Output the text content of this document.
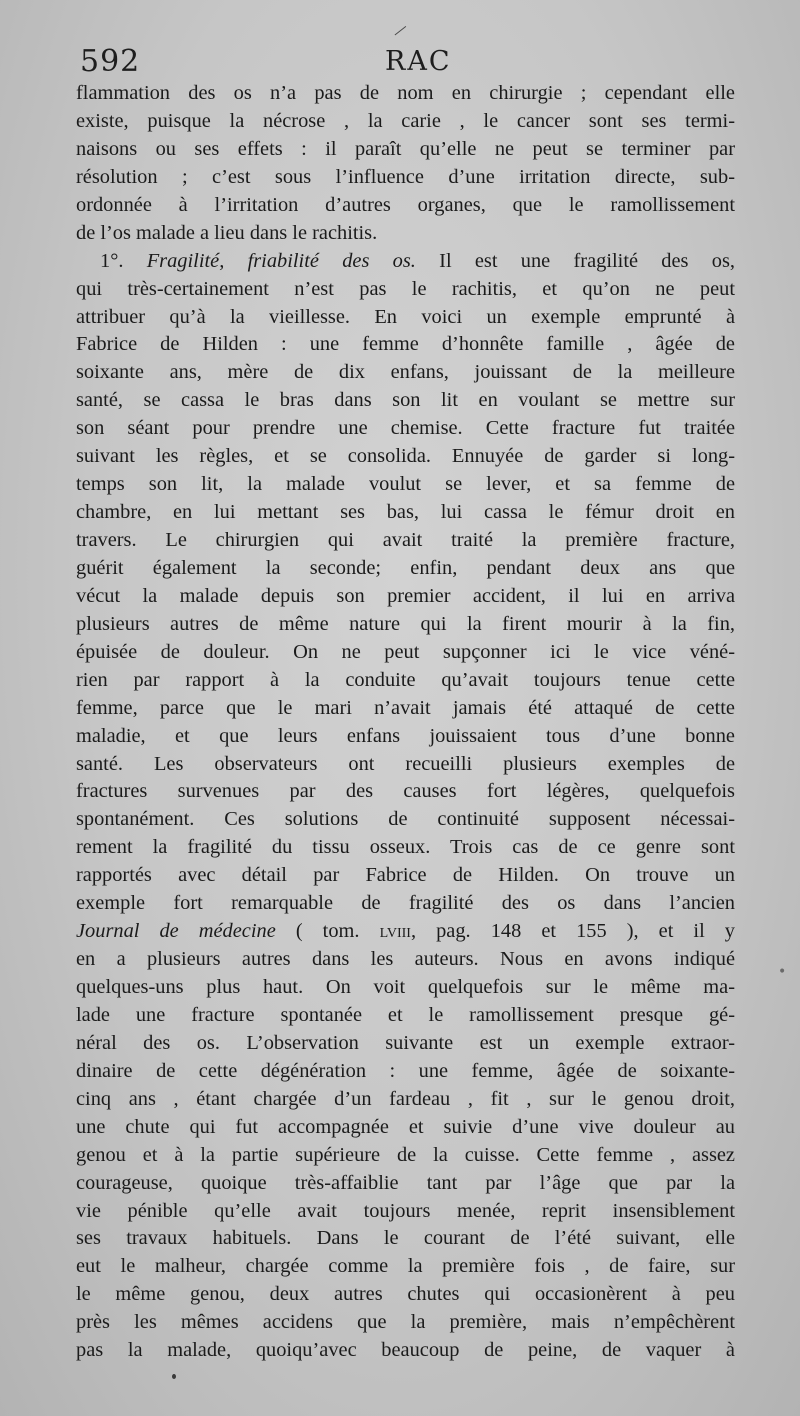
592	RAC
flammation des os n’a pas de nom en chirurgie ; cependant elle
existe, puisque la nécrose , la carie , le cancer sont ses termi-
naisons ou ses effets : il paraît qu’elle ne peut se terminer par
résolution ; c’est sous l’influence d’une irritation directe, sub-
ordonnée à l’irritation d’autres organes, que le ramollissement
de l’os malade a lieu dans le rachitis.
1°. Fragilité, friabilité des os. Il est une fragilité des os,
qui très-certainement n’est pas le rachitis, et qu’on ne peut
attribuer qu’à la vieillesse. En voici un exemple emprunté à
Fabrice de Hilden : une femme d’honnête famille , âgée de
soixante ans, mère de dix enfans, jouissant de la meilleure
santé, se cassa le bras dans son lit en voulant se mettre sur
son séant pour prendre une chemise. Cette fracture fut traitée
suivant les règles, et se consolida. Ennuyée de garder si long-
temps son lit, la malade voulut se lever, et sa femme de
chambre, en lui mettant ses bas, lui cassa le fémur droit en
travers. Le chirurgien qui avait traité la première fracture,
guérit également la seconde; enfin, pendant deux ans que
vécut la malade depuis son premier accident, il lui en arriva
plusieurs autres de même nature qui la firent mourir à la fin,
épuisée de douleur. On ne peut supçonner ici le vice véné-
rien par rapport à la conduite qu’avait toujours tenue cette
femme, parce que le mari n’avait jamais été attaqué de cette
maladie, et que leurs enfans jouissaient tous d’une bonne
santé. Les observateurs ont recueilli plusieurs exemples de
fractures survenues par des causes fort légères, quelquefois
spontanément. Ces solutions de continuité supposent nécessai-
rement la fragilité du tissu osseux. Trois cas de ce genre sont
rapportés avec détail par Fabrice de Hilden. On trouve un
exemple fort remarquable de fragilité des os dans l’ancien
Journal de médecine ( tom. lviii, pag. 148 et 155 ), et il y
en a plusieurs autres dans les auteurs. Nous en avons indiqué
quelques-uns plus haut. On voit quelquefois sur le même ma-
lade une fracture spontanée et le ramollissement presque gé-
néral des os. L’observation suivante est un exemple extraor-
dinaire de cette dégénération : une femme, âgée de soixante-
cinq ans , étant chargée d’un fardeau , fit , sur le genou droit,
une chute qui fut accompagnée et suivie d’une vive douleur au
genou et à la partie supérieure de la cuisse. Cette femme , assez
courageuse, quoique très-affaiblie tant par l’âge que par la
vie pénible qu’elle avait toujours menée, reprit insensiblement
ses travaux habituels. Dans le courant de l’été suivant, elle
eut le malheur, chargée comme la première fois , de faire, sur
le même genou, deux autres chutes qui occasionèrent à peu
près les mêmes accidens que la première, mais n’empêchèrent
pas la malade, quoiqu’avec beaucoup de peine, de vaquer à
•
